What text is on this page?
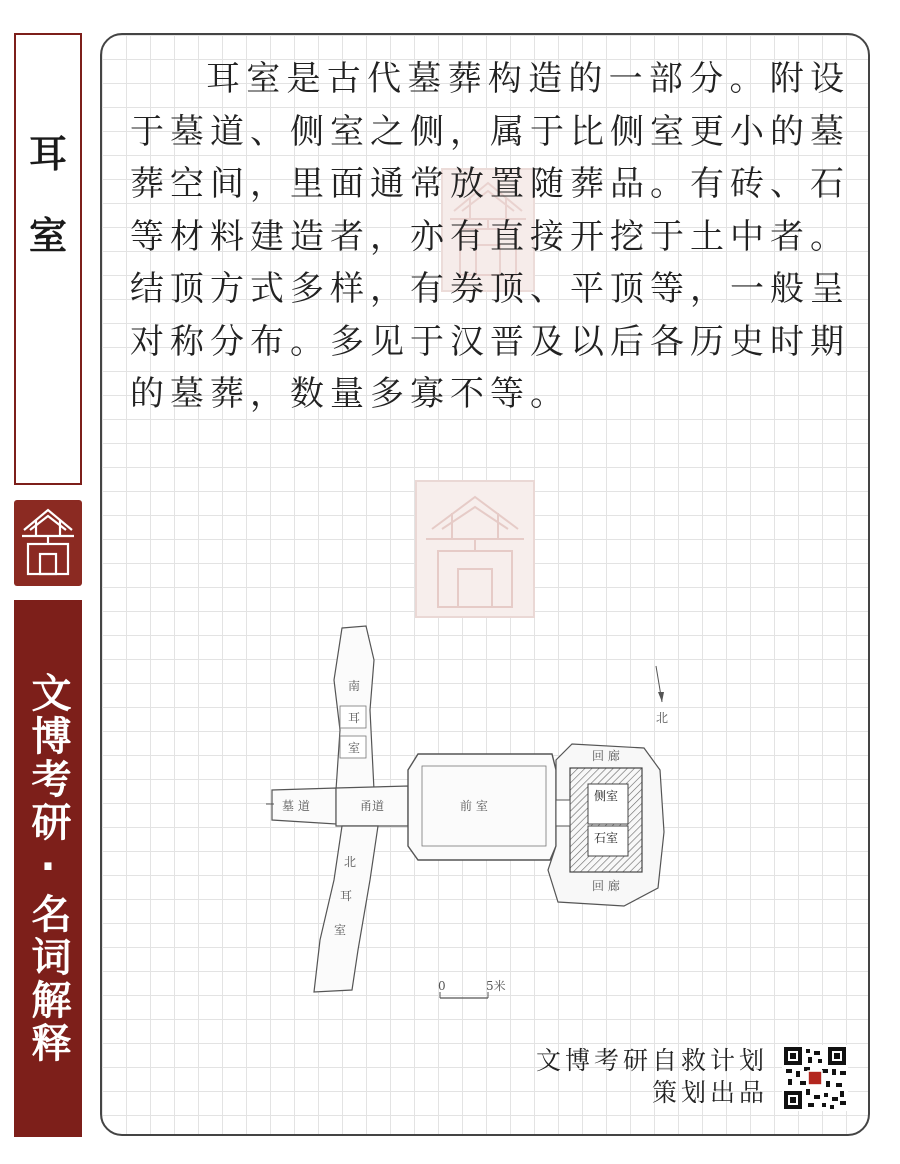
耳
室
文博考研·名词解释

耳室是古代墓葬构造的一部分。附设于墓道、侧室之侧，属于比侧室更小的墓葬空间，里面通常放置随葬品。有砖、石等材料建造者，亦有直接开挖于土中者。结顶方式多样，有券顶、平顶等，一般呈对称分布。多见于汉晋及以后各历史时期的墓葬，数量多寡不等。

南
耳
室
墓 道	甬道	前 室
回 廊
侧室
石室
回 廊
北
耳
室
北
0	5米
文博考研自救计划
策划出品
